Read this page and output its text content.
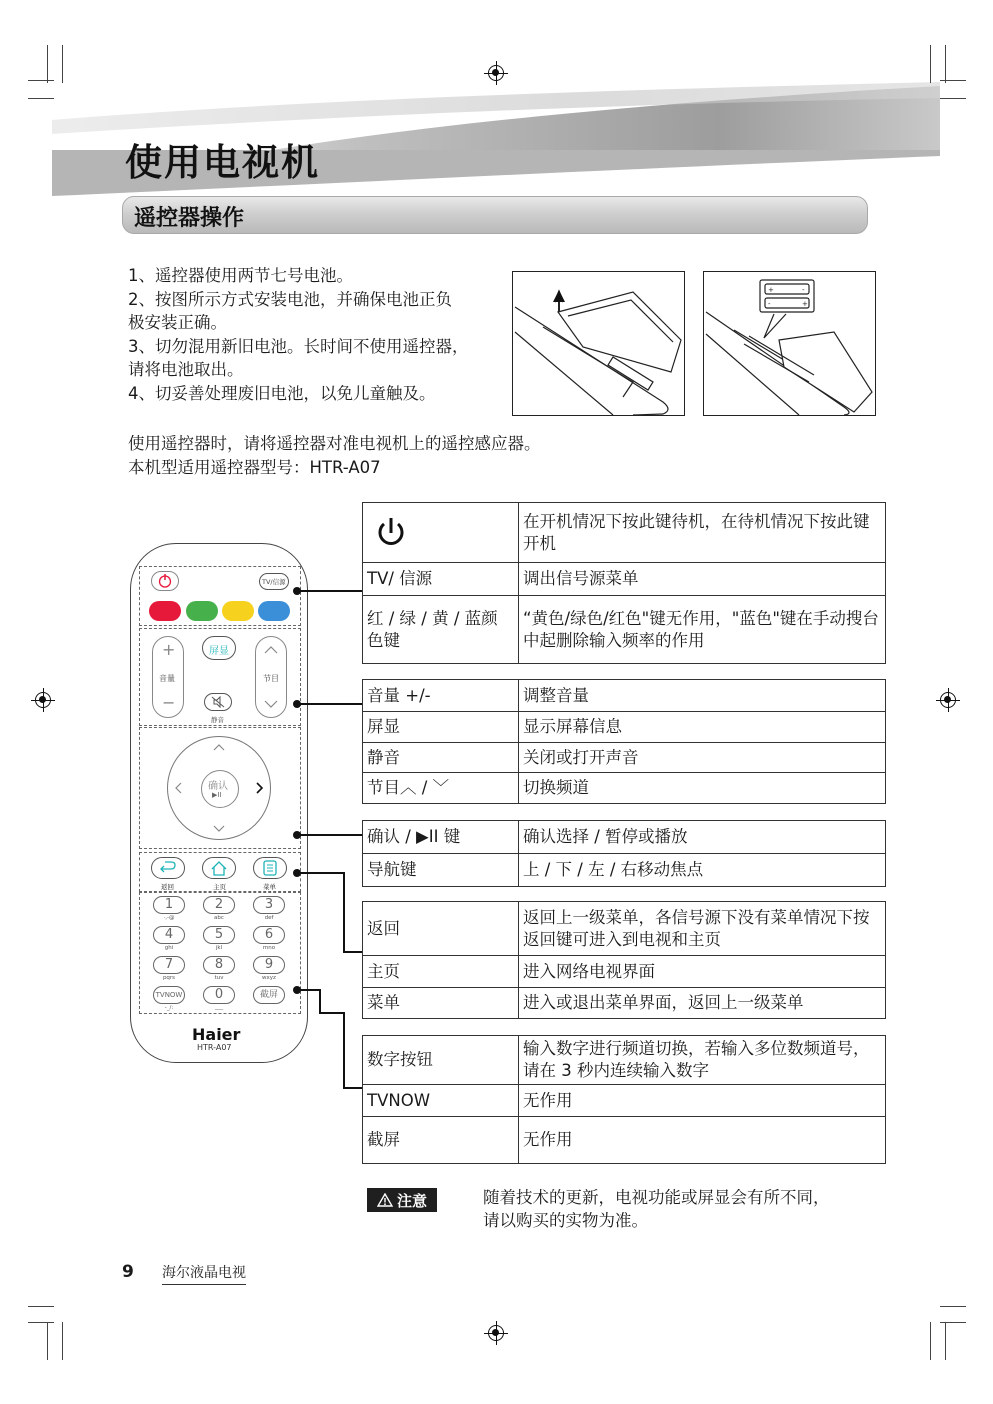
使用电视机
遥控器操作
1、遥控器使用两节七号电池。
2、按图所示方式安装电池，并确保电池正负
极安装正确。
3、切勿混用新旧电池。长时间不使用遥控器，
请将电池取出。
4、切妥善处理废旧电池，以免儿童触及。
+	-
-	+
使用遥控器时，请将遥控器对准电视机上的遥控感应器。
本机型适用遥控器型号：HTR-A07
TV/信源
+
音量
−
屏显
静音
节目
确认
▶II
返回	主页	菜单
1
·,-@
2
abc
3
def
4
ghi
5
jkl
6
mno
7
pqrs
8
tuv
9
wxyz
TVNOW
-_/:
0
___
截屏
Haier
HTR-A07
	在开机情况下按此键待机，在待机情况下按此键开机
TV/ 信源	调出信号源菜单
红 / 绿 / 黄 / 蓝颜色键	“黄色/绿色/红色"键无作用，"蓝色"键在手动搜台中起删除输入频率的作用
音量 +/-	调整音量
屏显	显示屏幕信息
静音	关闭或打开声音
节目︿ / ﹀	切换频道
确认 / ▶II 键	确认选择 / 暂停或播放
导航键	上 / 下 / 左 / 右移动焦点
返回	返回上一级菜单，各信号源下没有菜单情况下按返回键可进入到电视和主页
主页	进入网络电视界面
菜单	进入或退出菜单界面，返回上一级菜单
数字按钮	输入数字进行频道切换，若输入多位数频道号，请在 3 秒内连续输入数字
TVNOW	无作用
截屏	无作用
注意	随着技术的更新，电视功能或屏显会有所不同，
请以购买的实物为准。
9 海尔液晶电视
